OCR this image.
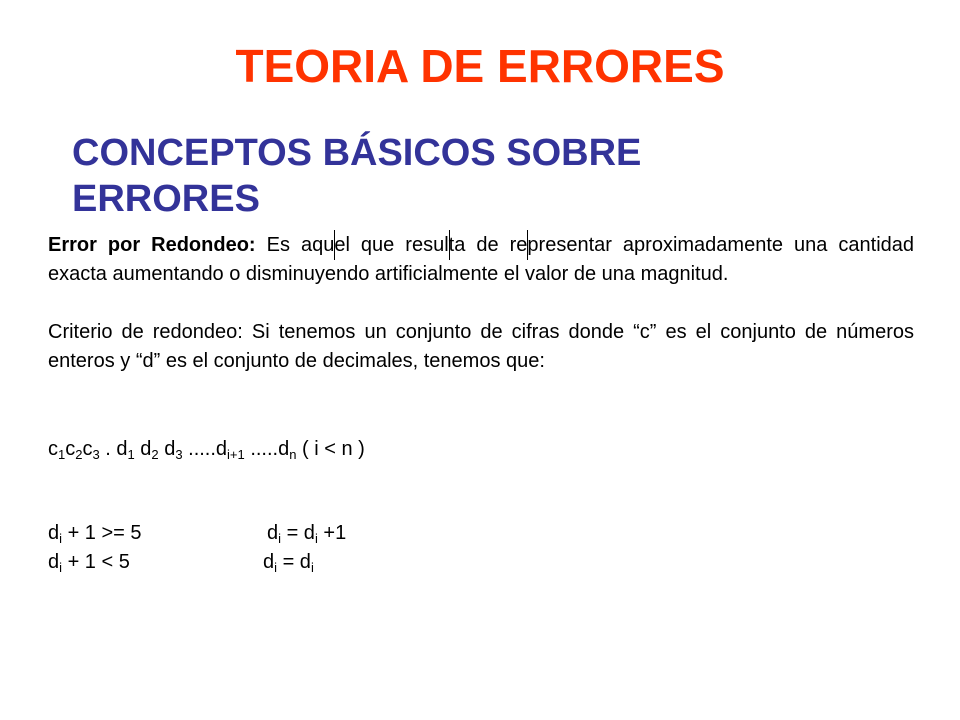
TEORIA DE ERRORES
CONCEPTOS BÁSICOS SOBRE ERRORES

Error por Redondeo: Es aquel que resulta de representar aproximadamente una cantidad exacta aumentando o disminuyendo artificialmente el valor de una magnitud.

Criterio de redondeo: Si tenemos un conjunto de cifras donde “c” es el conjunto de números enteros y “d” es el conjunto de decimales, tenemos que:

$c_1c_2c_3$ . $d_1$ $d_2$ $d_3$ $.....d_{i+1}$ $.....d_n$ ( i < n )
$d_i + 1 >= 5$	$d_i = d_i +1$
$d_i + 1 < 5$	$d_i = d_i$
